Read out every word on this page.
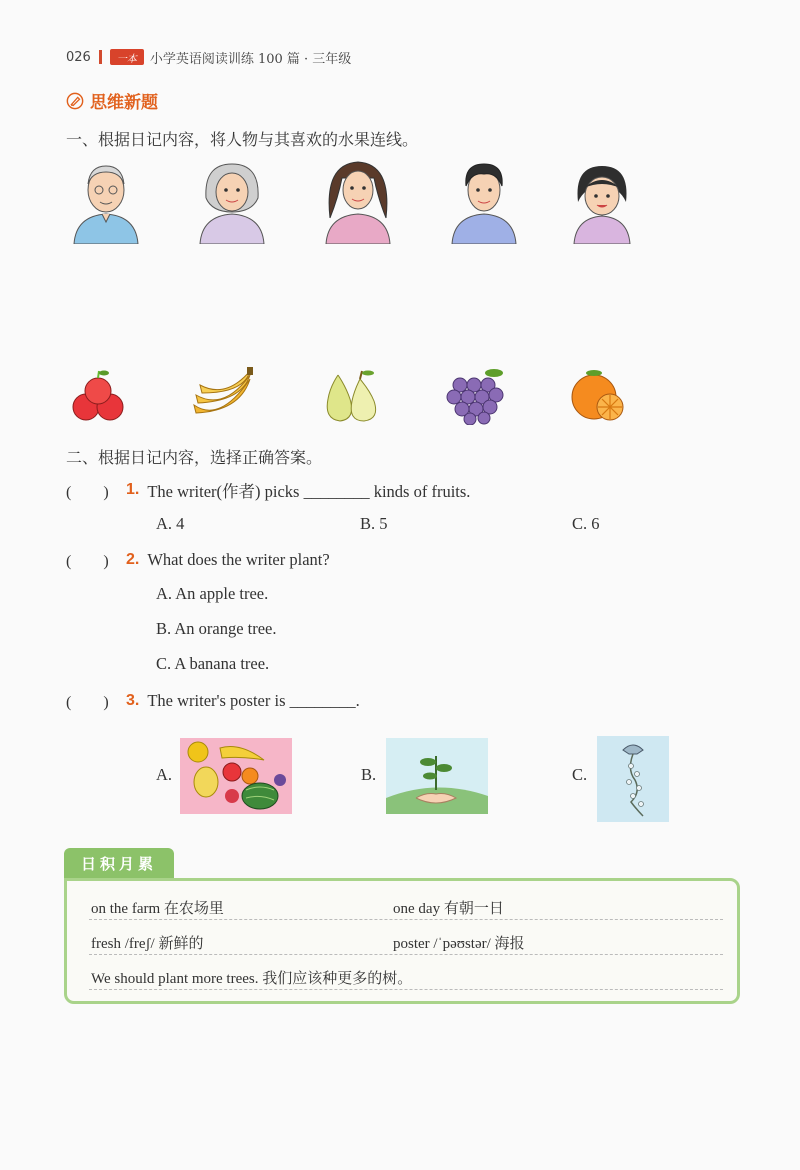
026	一本	小学英语阅读训练 100 篇 · 三年级
思维新题
一、根据日记内容，将人物与其喜欢的水果连线。
二、根据日记内容，选择正确答案。
(　　)	1. The writer(作者) picks ________ kinds of fruits.
A. 4	B. 5	C. 6
(　　)	2. What does the writer plant?
A. An apple tree.
B. An orange tree.
C. A banana tree.
(　　)	3. The writer's poster is ________.
A.	B.	C.
日积月累
on the farm 在农场里	one day 有朝一日
fresh /freʃ/ 新鲜的	poster /ˈpəʊstər/ 海报
We should plant more trees. 我们应该种更多的树。
